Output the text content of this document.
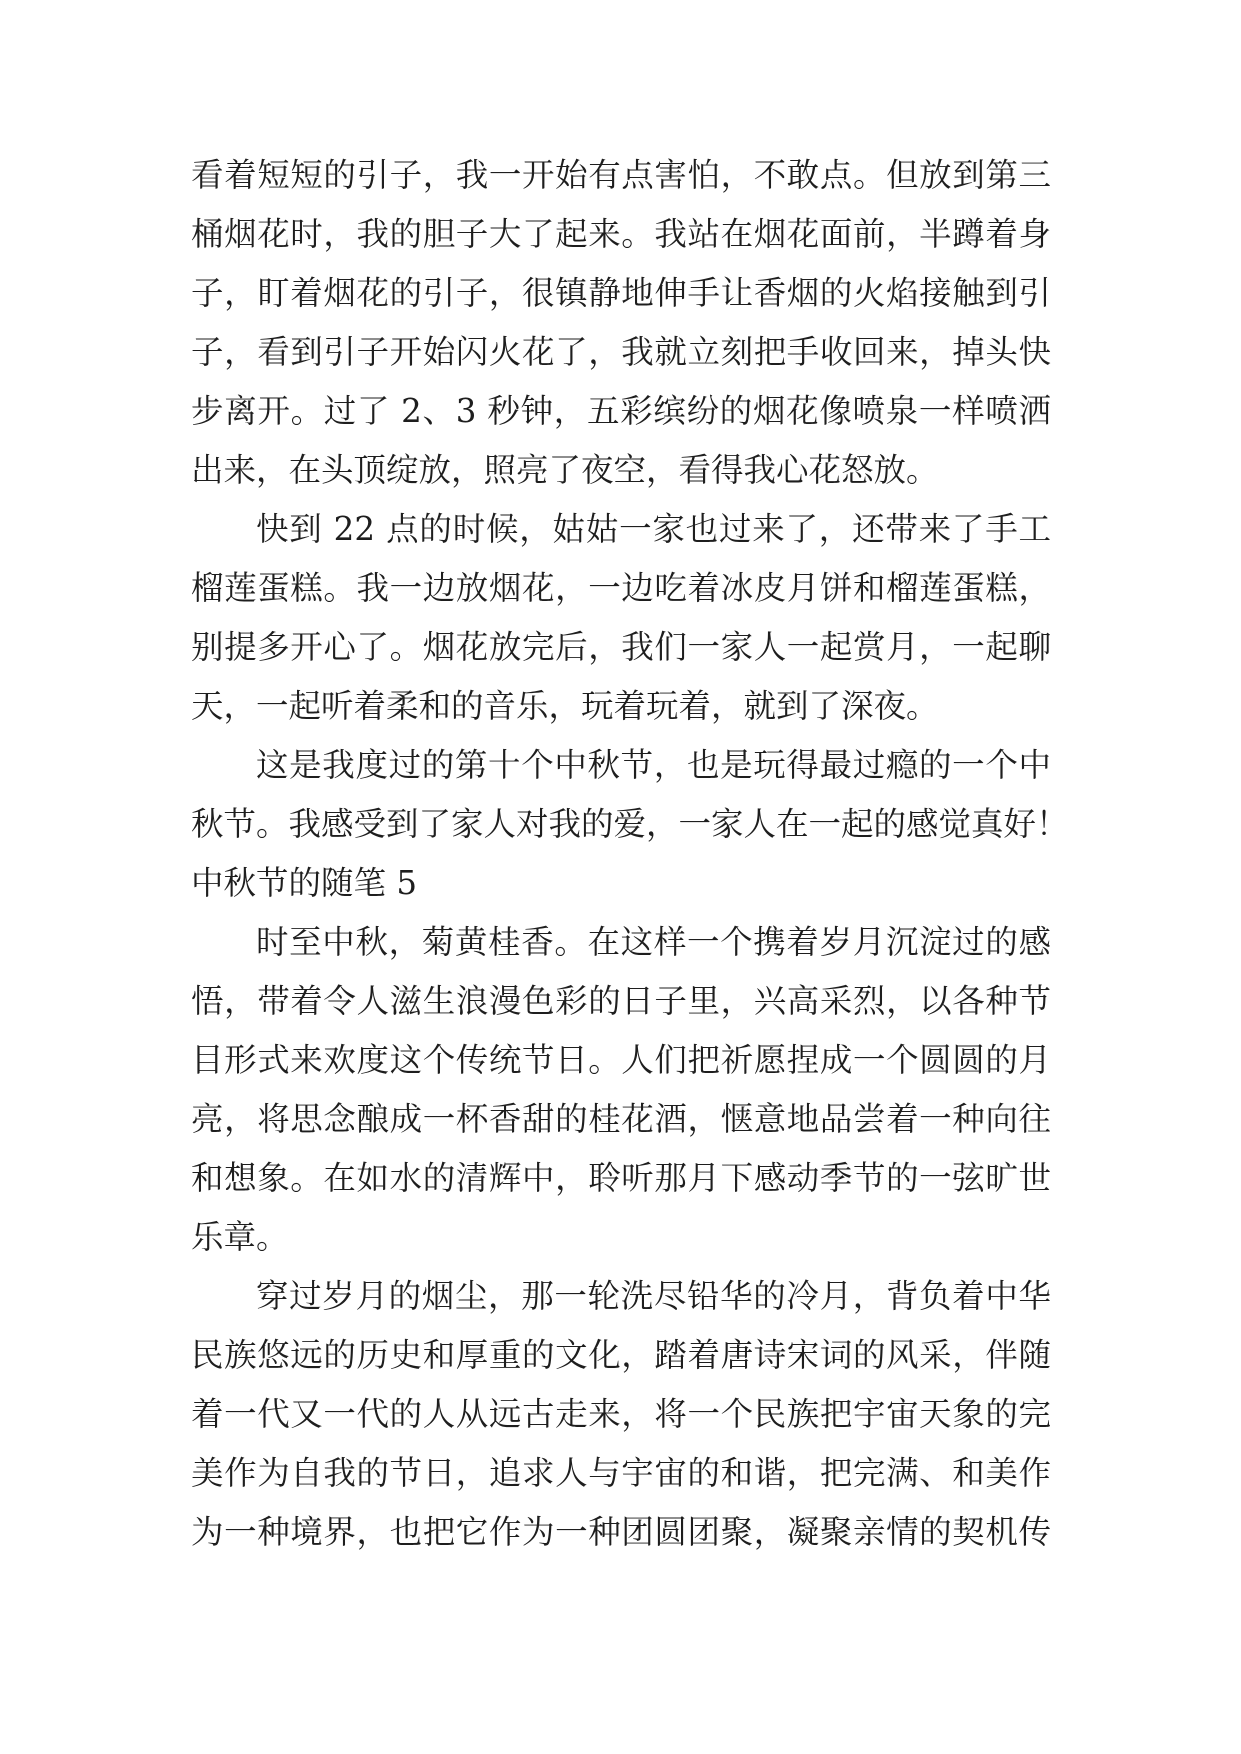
看着短短的引子，我一开始有点害怕，不敢点。但放到第三
桶烟花时，我的胆子大了起来。我站在烟花面前，半蹲着身
子，盯着烟花的引子，很镇静地伸手让香烟的火焰接触到引
子，看到引子开始闪火花了，我就立刻把手收回来，掉头快
步离开。过了 2、3 秒钟，五彩缤纷的烟花像喷泉一样喷洒
出来，在头顶绽放，照亮了夜空，看得我心花怒放。
快到 22 点的时候，姑姑一家也过来了，还带来了手工
榴莲蛋糕。我一边放烟花，一边吃着冰皮月饼和榴莲蛋糕，
别提多开心了。烟花放完后，我们一家人一起赏月，一起聊
天，一起听着柔和的音乐，玩着玩着，就到了深夜。
这是我度过的第十个中秋节，也是玩得最过瘾的一个中
秋节。我感受到了家人对我的爱，一家人在一起的感觉真好！
中秋节的随笔 5
时至中秋，菊黄桂香。在这样一个携着岁月沉淀过的感
悟，带着令人滋生浪漫色彩的日子里，兴高采烈，以各种节
目形式来欢度这个传统节日。人们把祈愿捏成一个圆圆的月
亮，将思念酿成一杯香甜的桂花酒，惬意地品尝着一种向往
和想象。在如水的清辉中，聆听那月下感动季节的一弦旷世
乐章。
穿过岁月的烟尘，那一轮洗尽铅华的冷月，背负着中华
民族悠远的历史和厚重的文化，踏着唐诗宋词的风采，伴随
着一代又一代的人从远古走来，将一个民族把宇宙天象的完
美作为自我的节日，追求人与宇宙的和谐，把完满、和美作
为一种境界，也把它作为一种团圆团聚，凝聚亲情的契机传
